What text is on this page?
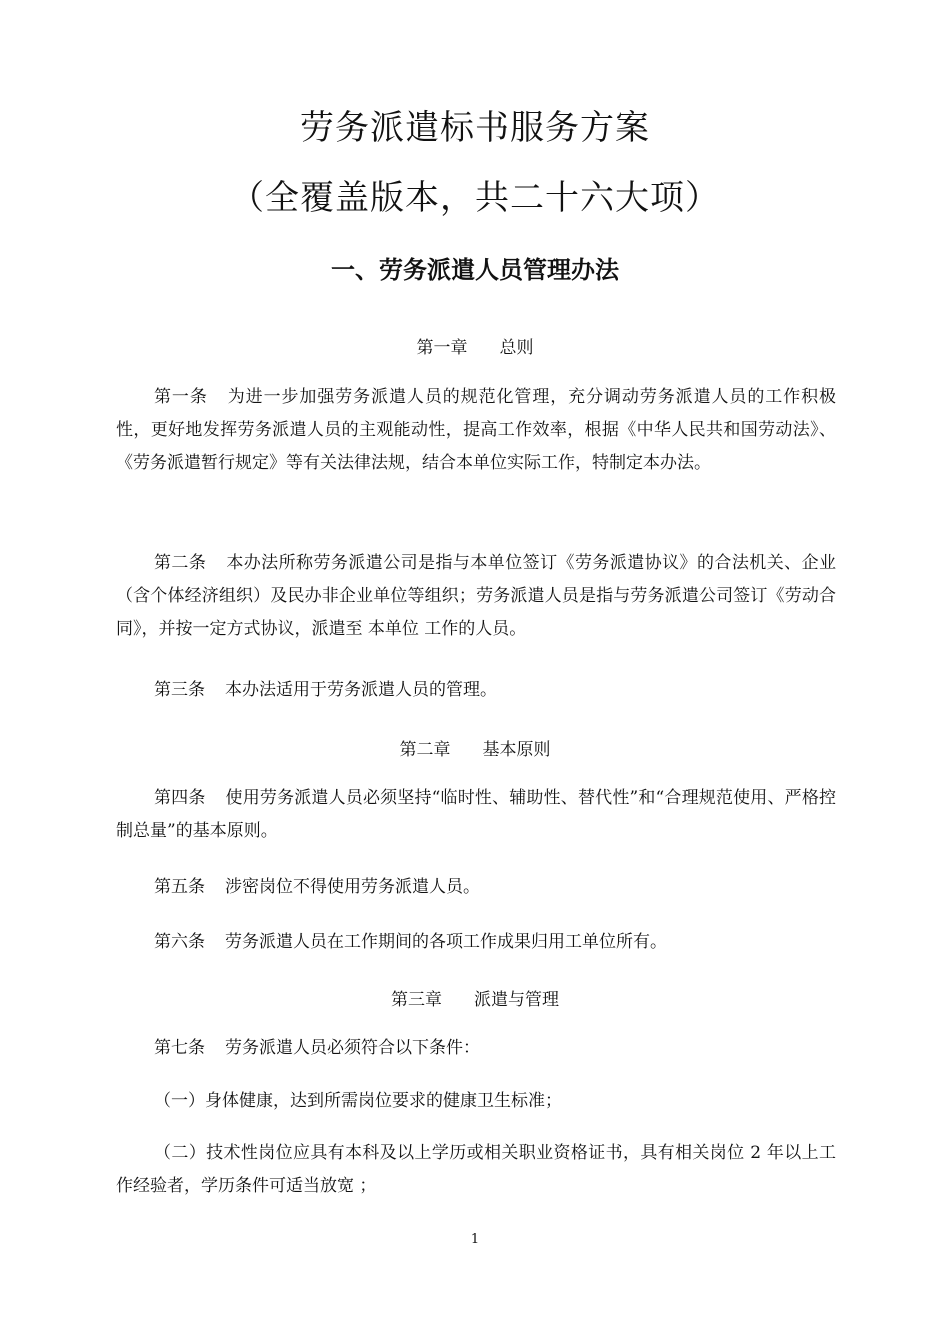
劳务派遣标书服务方案
（全覆盖版本，共二十六大项）
一、劳务派遣人员管理办法
第一章 总则

第一条 为进一步加强劳务派遣人员的规范化管理，充分调动劳务派遣人员的工作积极性，更好地发挥劳务派遣人员的主观能动性，提高工作效率，根据《中华人民共和国劳动法》、《劳务派遣暂行规定》等有关法律法规，结合本单位实际工作，特制定本办法。

第二条 本办法所称劳务派遣公司是指与本单位签订《劳务派遣协议》的合法机关、企业（含个体经济组织）及民办非企业单位等组织；劳务派遣人员是指与劳务派遣公司签订《劳动合同》，并按一定方式协议，派遣至 本单位 工作的人员。

第三条 本办法适用于劳务派遣人员的管理。

第二章 基本原则

第四条 使用劳务派遣人员必须坚持“临时性、辅助性、替代性”和“合理规范使用、严格控制总量”的基本原则。

第五条 涉密岗位不得使用劳务派遣人员。

第六条 劳务派遣人员在工作期间的各项工作成果归用工单位所有。

第三章 派遣与管理

第七条 劳务派遣人员必须符合以下条件：

（一）身体健康，达到所需岗位要求的健康卫生标准；

（二）技术性岗位应具有本科及以上学历或相关职业资格证书，具有相关岗位 2 年以上工作经验者，学历条件可适当放宽 ；

1
